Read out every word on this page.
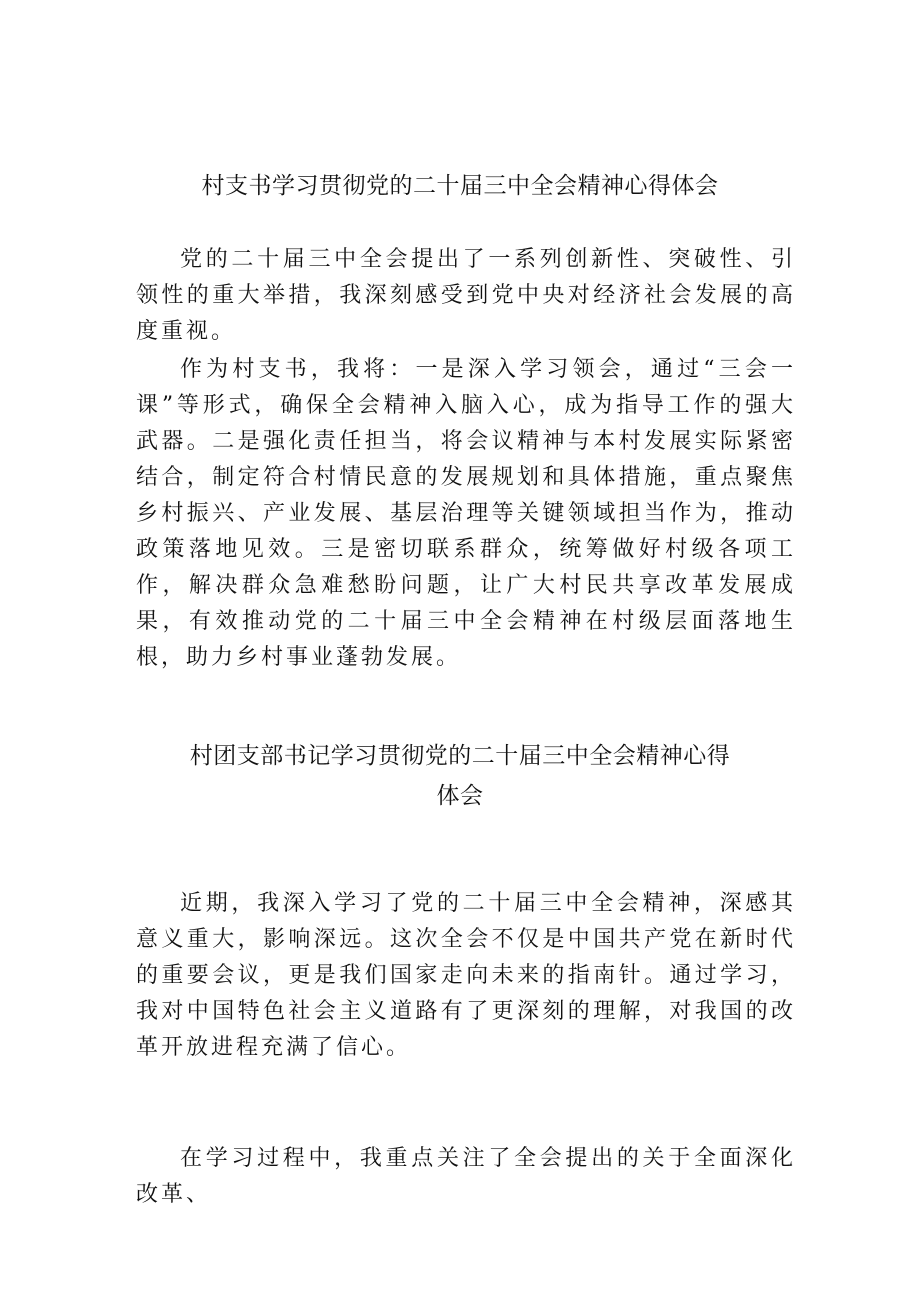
村支书学习贯彻党的二十届三中全会精神心得体会

党的二十届三中全会提出了一系列创新性、突破性、引领性的重大举措，我深刻感受到党中央对经济社会发展的高度重视。

作为村支书，我将：一是深入学习领会，通过“三会一课”等形式，确保全会精神入脑入心，成为指导工作的强大武器。二是强化责任担当，将会议精神与本村发展实际紧密结合，制定符合村情民意的发展规划和具体措施，重点聚焦乡村振兴、产业发展、基层治理等关键领域担当作为，推动政策落地见效。三是密切联系群众，统筹做好村级各项工作，解决群众急难愁盼问题，让广大村民共享改革发展成果，有效推动党的二十届三中全会精神在村级层面落地生根，助力乡村事业蓬勃发展。

村团支部书记学习贯彻党的二十届三中全会精神心得
体会

近期，我深入学习了党的二十届三中全会精神，深感其意义重大，影响深远。这次全会不仅是中国共产党在新时代的重要会议，更是我们国家走向未来的指南针。通过学习，我对中国特色社会主义道路有了更深刻的理解，对我国的改革开放进程充满了信心。

在学习过程中，我重点关注了全会提出的关于全面深化改革、
